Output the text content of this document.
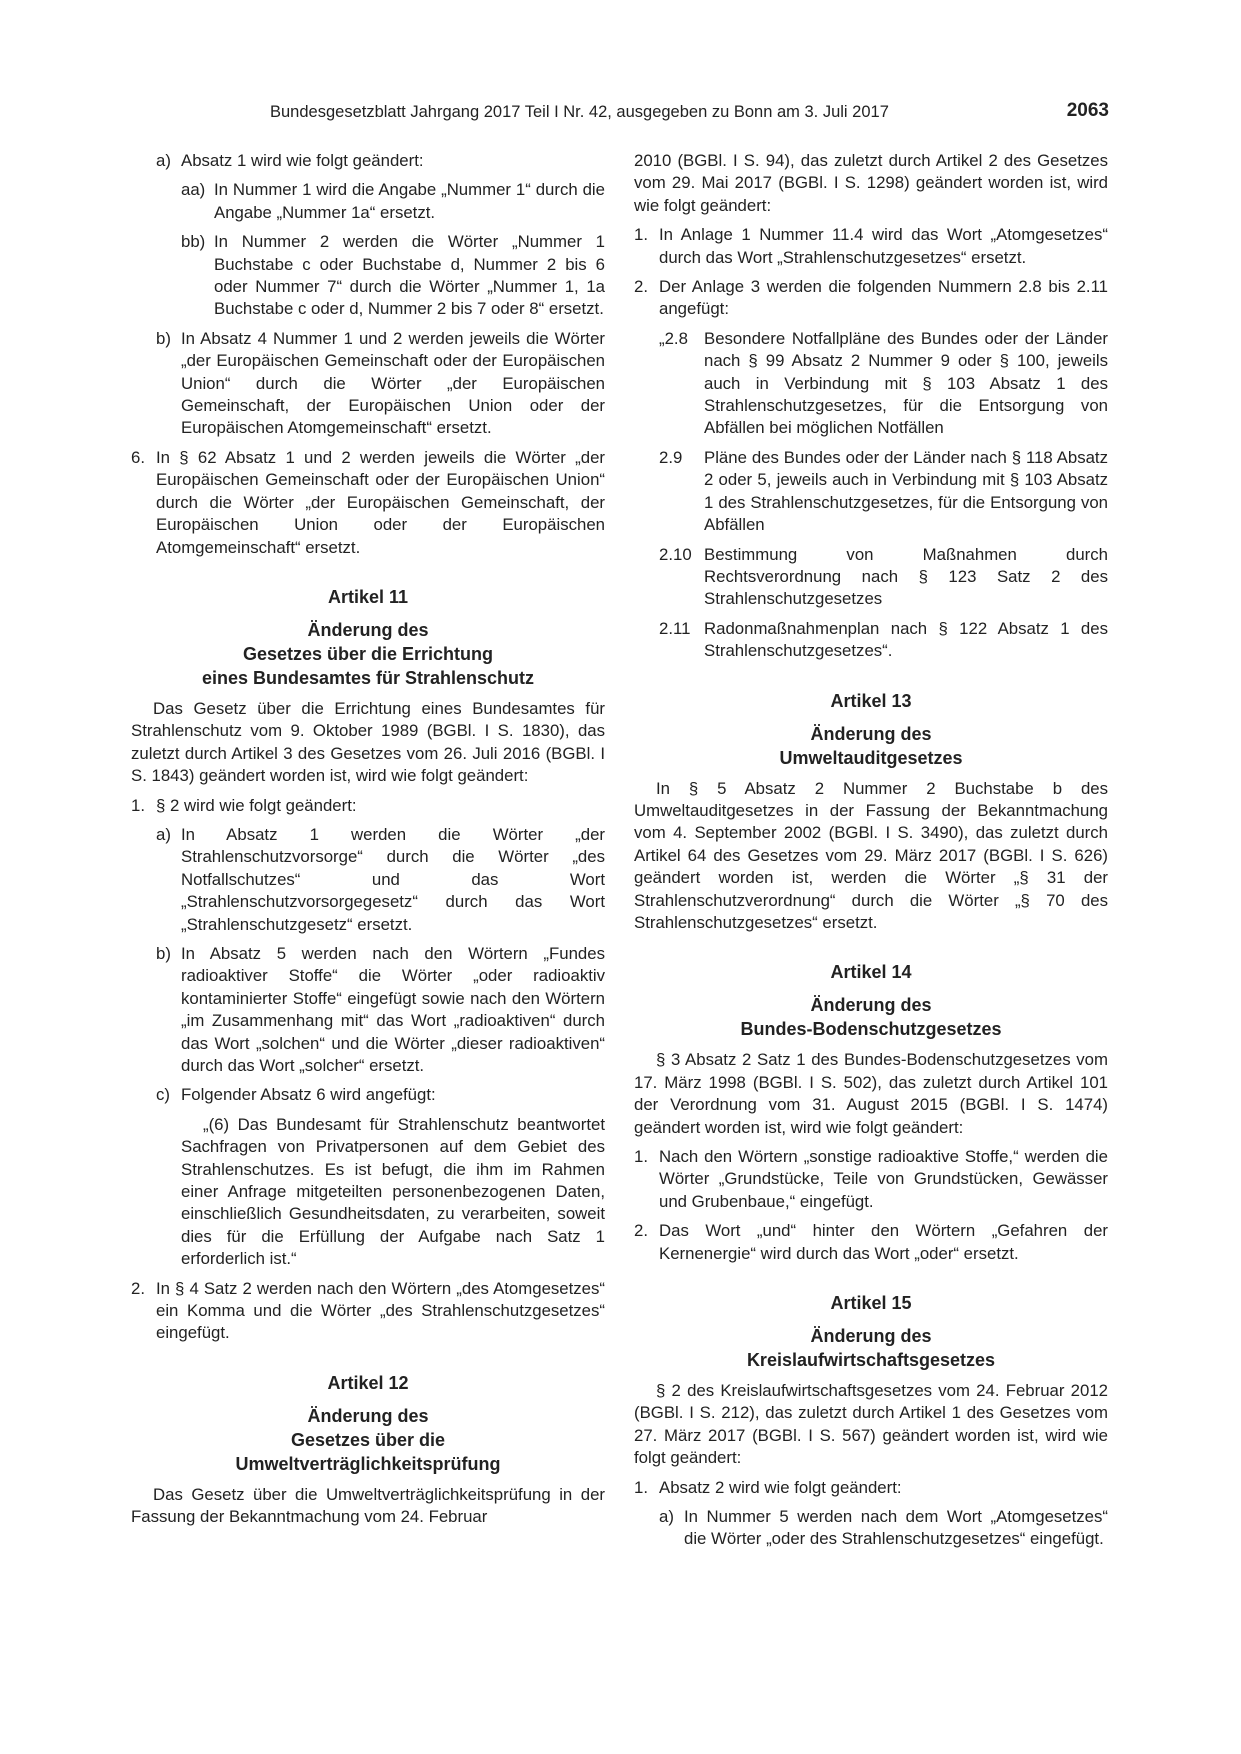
Bundesgesetzblatt Jahrgang 2017 Teil I Nr. 42, ausgegeben zu Bonn am 3. Juli 2017	2063
a) Absatz 1 wird wie folgt geändert:
aa) In Nummer 1 wird die Angabe „Nummer 1“ durch die Angabe „Nummer 1a“ ersetzt.
bb) In Nummer 2 werden die Wörter „Nummer 1 Buchstabe c oder Buchstabe d, Nummer 2 bis 6 oder Nummer 7“ durch die Wörter „Nummer 1, 1a Buchstabe c oder d, Nummer 2 bis 7 oder 8“ ersetzt.
b) In Absatz 4 Nummer 1 und 2 werden jeweils die Wörter „der Europäischen Gemeinschaft oder der Europäischen Union“ durch die Wörter „der Europäischen Gemeinschaft, der Europäischen Union oder der Europäischen Atomgemeinschaft“ ersetzt.
6. In § 62 Absatz 1 und 2 werden jeweils die Wörter „der Europäischen Gemeinschaft oder der Europäischen Union“ durch die Wörter „der Europäischen Gemeinschaft, der Europäischen Union oder der Europäischen Atomgemeinschaft“ ersetzt.
Artikel 11
Änderung des
Gesetzes über die Errichtung
eines Bundesamtes für Strahlenschutz

Das Gesetz über die Errichtung eines Bundesamtes für Strahlenschutz vom 9. Oktober 1989 (BGBl. I S. 1830), das zuletzt durch Artikel 3 des Gesetzes vom 26. Juli 2016 (BGBl. I S. 1843) geändert worden ist, wird wie folgt geändert:

1. § 2 wird wie folgt geändert:
a) In Absatz 1 werden die Wörter „der Strahlenschutzvorsorge“ durch die Wörter „des Notfallschutzes“ und das Wort „Strahlenschutzvorsorgegesetz“ durch das Wort „Strahlenschutzgesetz“ ersetzt.
b) In Absatz 5 werden nach den Wörtern „Fundes radioaktiver Stoffe“ die Wörter „oder radioaktiv kontaminierter Stoffe“ eingefügt sowie nach den Wörtern „im Zusammenhang mit“ das Wort „radioaktiven“ durch das Wort „solchen“ und die Wörter „dieser radioaktiven“ durch das Wort „solcher“ ersetzt.
c) Folgender Absatz 6 wird angefügt:

„(6) Das Bundesamt für Strahlenschutz beantwortet Sachfragen von Privatpersonen auf dem Gebiet des Strahlenschutzes. Es ist befugt, die ihm im Rahmen einer Anfrage mitgeteilten personenbezogenen Daten, einschließlich Gesundheitsdaten, zu verarbeiten, soweit dies für die Erfüllung der Aufgabe nach Satz 1 erforderlich ist.“

2. In § 4 Satz 2 werden nach den Wörtern „des Atomgesetzes“ ein Komma und die Wörter „des Strahlenschutzgesetzes“ eingefügt.
Artikel 12
Änderung des
Gesetzes über die
Umweltverträglichkeitsprüfung

Das Gesetz über die Umweltverträglichkeitsprüfung in der Fassung der Bekanntmachung vom 24. Februar

2010 (BGBl. I S. 94), das zuletzt durch Artikel 2 des Gesetzes vom 29. Mai 2017 (BGBl. I S. 1298) geändert worden ist, wird wie folgt geändert:

1. In Anlage 1 Nummer 11.4 wird das Wort „Atomgesetzes“ durch das Wort „Strahlenschutzgesetzes“ ersetzt.
2. Der Anlage 3 werden die folgenden Nummern 2.8 bis 2.11 angefügt:
„2.8 Besondere Notfallpläne des Bundes oder der Länder nach § 99 Absatz 2 Nummer 9 oder § 100, jeweils auch in Verbindung mit § 103 Absatz 1 des Strahlenschutzgesetzes, für die Entsorgung von Abfällen bei möglichen Notfällen
2.9	Pläne des Bundes oder der Länder nach § 118 Absatz 2 oder 5, jeweils auch in Verbindung mit § 103 Absatz 1 des Strahlenschutzgesetzes, für die Entsorgung von Abfällen
2.10 Bestimmung von Maßnahmen durch Rechtsverordnung nach § 123 Satz 2 des Strahlenschutzgesetzes
2.11 Radonmaßnahmenplan nach § 122 Absatz 1 des Strahlenschutzgesetzes“.
Artikel 13
Änderung des
Umweltauditgesetzes

In § 5 Absatz 2 Nummer 2 Buchstabe b des Umweltauditgesetzes in der Fassung der Bekanntmachung vom 4. September 2002 (BGBl. I S. 3490), das zuletzt durch Artikel 64 des Gesetzes vom 29. März 2017 (BGBl. I S. 626) geändert worden ist, werden die Wörter „§ 31 der Strahlenschutzverordnung“ durch die Wörter „§ 70 des Strahlenschutzgesetzes“ ersetzt.

Artikel 14
Änderung des
Bundes-Bodenschutzgesetzes

§ 3 Absatz 2 Satz 1 des Bundes-Bodenschutzgesetzes vom 17. März 1998 (BGBl. I S. 502), das zuletzt durch Artikel 101 der Verordnung vom 31. August 2015 (BGBl. I S. 1474) geändert worden ist, wird wie folgt geändert:

1. Nach den Wörtern „sonstige radioaktive Stoffe,“ werden die Wörter „Grundstücke, Teile von Grundstücken, Gewässer und Grubenbaue,“ eingefügt.
2. Das Wort „und“ hinter den Wörtern „Gefahren der Kernenergie“ wird durch das Wort „oder“ ersetzt.
Artikel 15
Änderung des
Kreislaufwirtschaftsgesetzes

§ 2 des Kreislaufwirtschaftsgesetzes vom 24. Februar 2012 (BGBl. I S. 212), das zuletzt durch Artikel 1 des Gesetzes vom 27. März 2017 (BGBl. I S. 567) geändert worden ist, wird wie folgt geändert:

1. Absatz 2 wird wie folgt geändert:
a) In Nummer 5 werden nach dem Wort „Atomgesetzes“ die Wörter „oder des Strahlenschutzgesetzes“ eingefügt.
